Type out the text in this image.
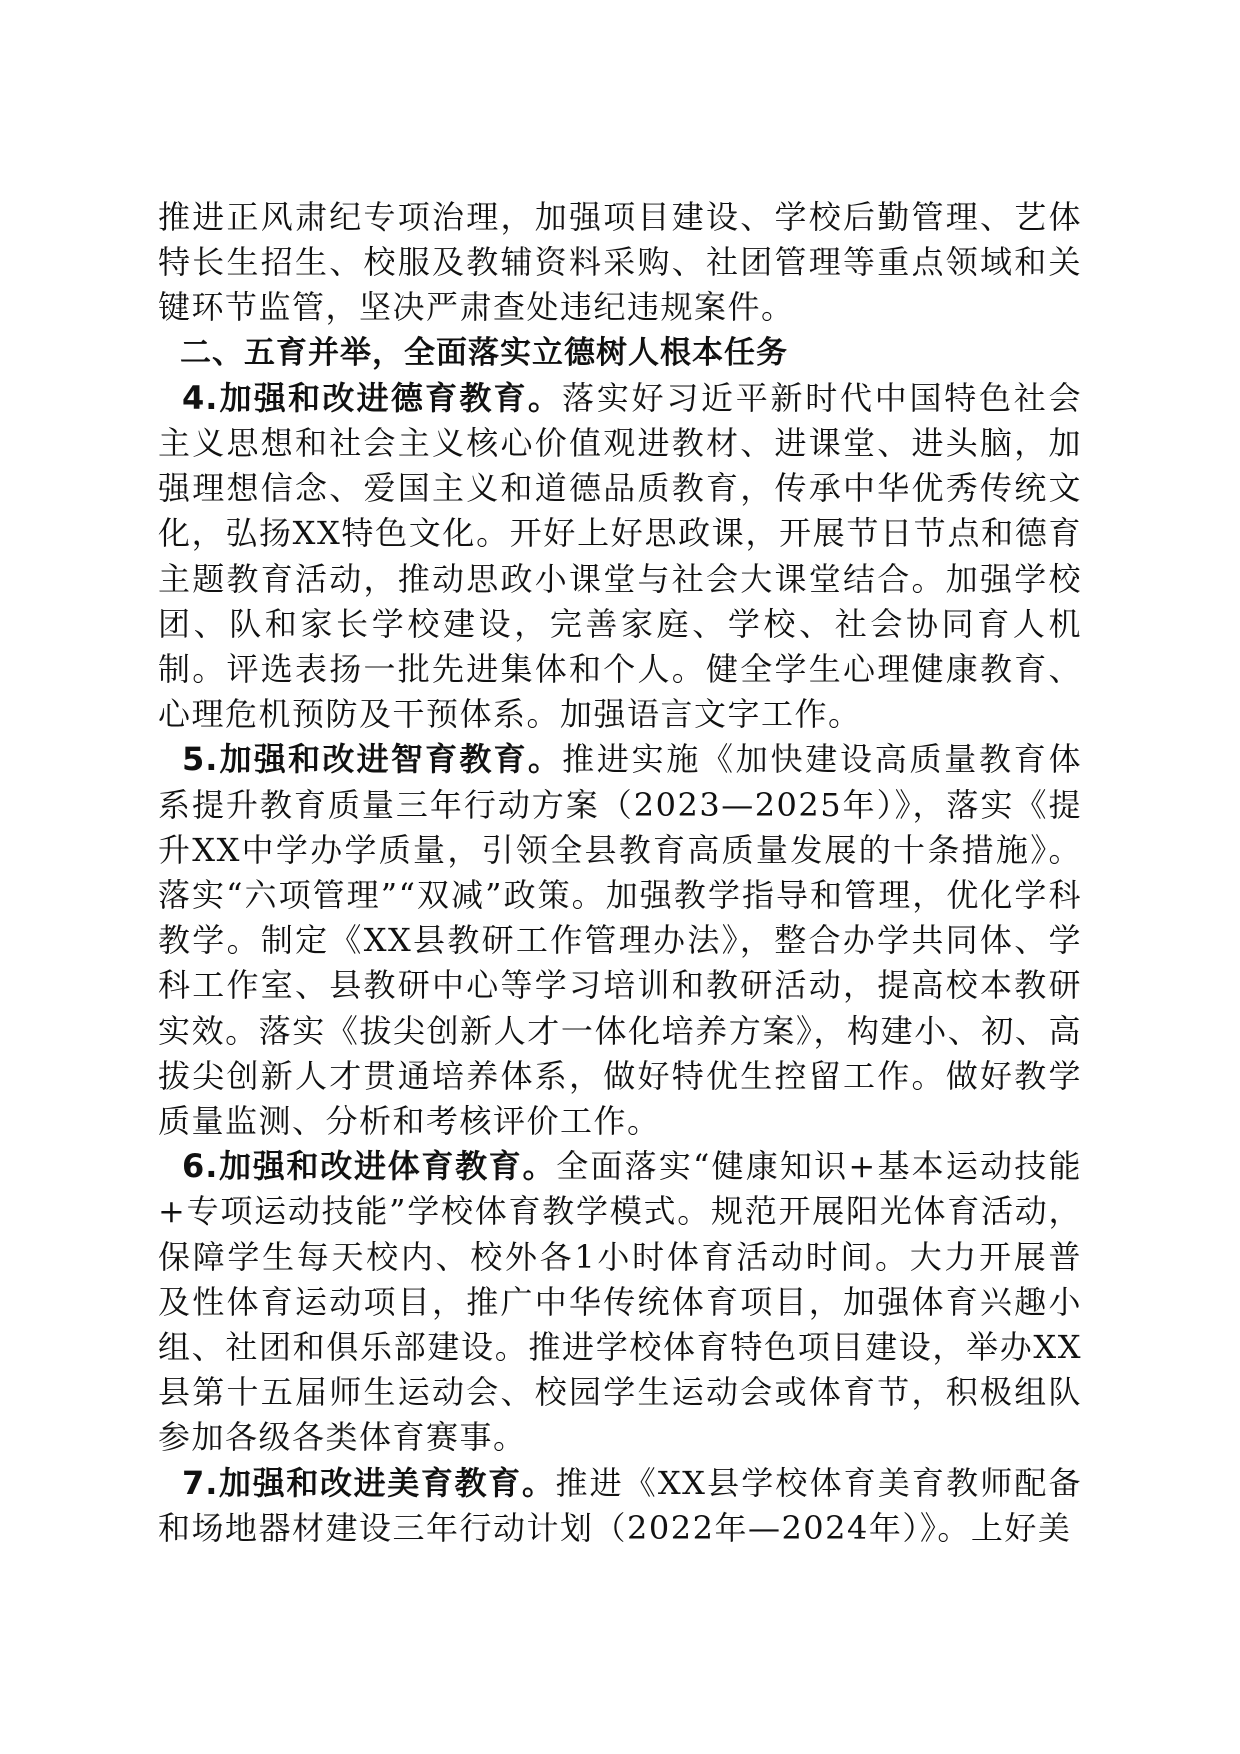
推进正风肃纪专项治理，加强项目建设、学校后勤管理、艺体特长生招生、校服及教辅资料采购、社团管理等重点领域和关键环节监管，坚决严肃查处违纪违规案件。

二、五育并举，全面落实立德树人根本任务

4.加强和改进德育教育。落实好习近平新时代中国特色社会主义思想和社会主义核心价值观进教材、进课堂、进头脑，加强理想信念、爱国主义和道德品质教育，传承中华优秀传统文化，弘扬XX特色文化。开好上好思政课，开展节日节点和德育主题教育活动，推动思政小课堂与社会大课堂结合。加强学校团、队和家长学校建设，完善家庭、学校、社会协同育人机制。评选表扬一批先进集体和个人。健全学生心理健康教育、心理危机预防及干预体系。加强语言文字工作。

5.加强和改进智育教育。推进实施《加快建设高质量教育体系提升教育质量三年行动方案（2023—2025年）》，落实《提升XX中学办学质量，引领全县教育高质量发展的十条措施》。落实“六项管理”“双减”政策。加强教学指导和管理，优化学科教学。制定《XX县教研工作管理办法》，整合办学共同体、学科工作室、县教研中心等学习培训和教研活动，提高校本教研实效。落实《拔尖创新人才一体化培养方案》，构建小、初、高拔尖创新人才贯通培养体系，做好特优生控留工作。做好教学质量监测、分析和考核评价工作。

6.加强和改进体育教育。全面落实“健康知识+基本运动技能+专项运动技能”学校体育教学模式。规范开展阳光体育活动，保障学生每天校内、校外各1小时体育活动时间。大力开展普及性体育运动项目，推广中华传统体育项目，加强体育兴趣小组、社团和俱乐部建设。推进学校体育特色项目建设，举办XX县第十五届师生运动会、校园学生运动会或体育节，积极组队参加各级各类体育赛事。

7.加强和改进美育教育。推进《XX县学校体育美育教师配备和场地器材建设三年行动计划（2022年—2024年）》。上好美
